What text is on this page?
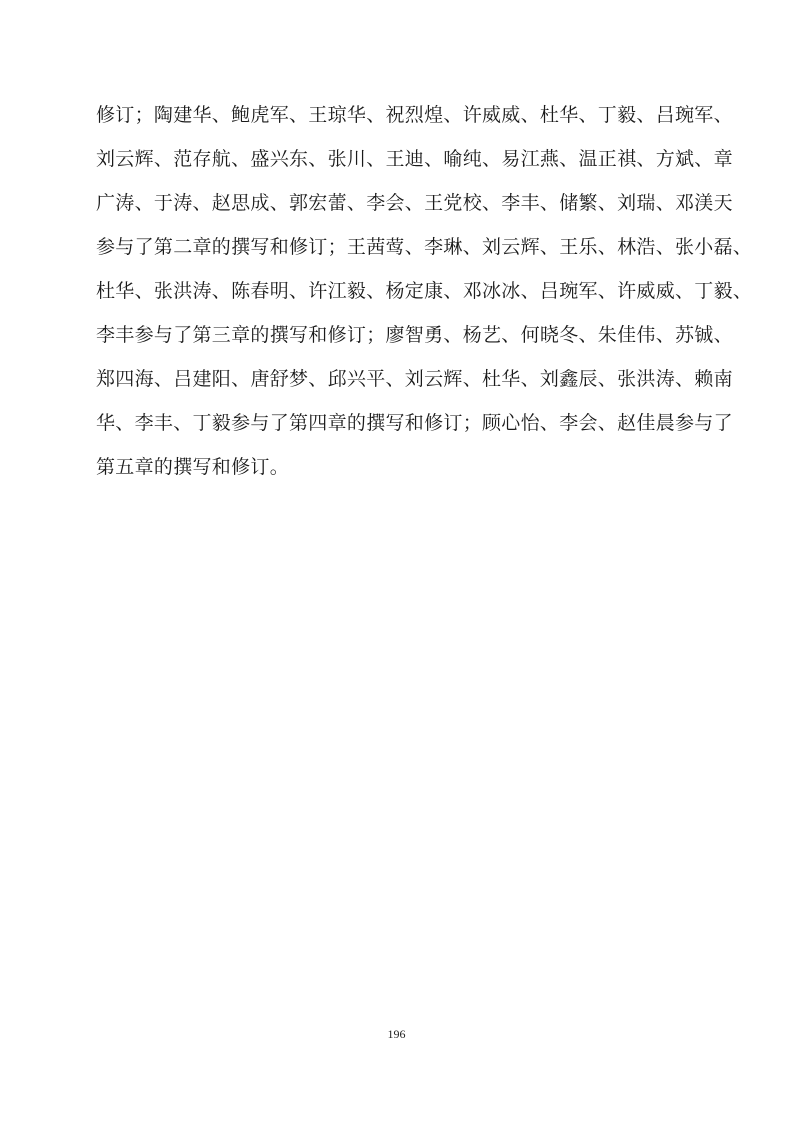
修订；陶建华、鲍虎军、王琼华、祝烈煌、许威威、杜华、丁毅、吕琬军、
刘云辉、范存航、盛兴东、张川、王迪、喻纯、易江燕、温正祺、方斌、章
广涛、于涛、赵思成、郭宏蕾、李会、王党校、李丰、储繁、刘瑞、邓渼天
参与了第二章的撰写和修订；王茜莺、李琳、刘云辉、王乐、林浩、张小磊、
杜华、张洪涛、陈春明、许江毅、杨定康、邓冰冰、吕琬军、许威威、丁毅、
李丰参与了第三章的撰写和修订；廖智勇、杨艺、何晓冬、朱佳伟、苏铖、
郑四海、吕建阳、唐舒梦、邱兴平、刘云辉、杜华、刘鑫辰、张洪涛、赖南
华、李丰、丁毅参与了第四章的撰写和修订；顾心怡、李会、赵佳晨参与了
第五章的撰写和修订。
196
